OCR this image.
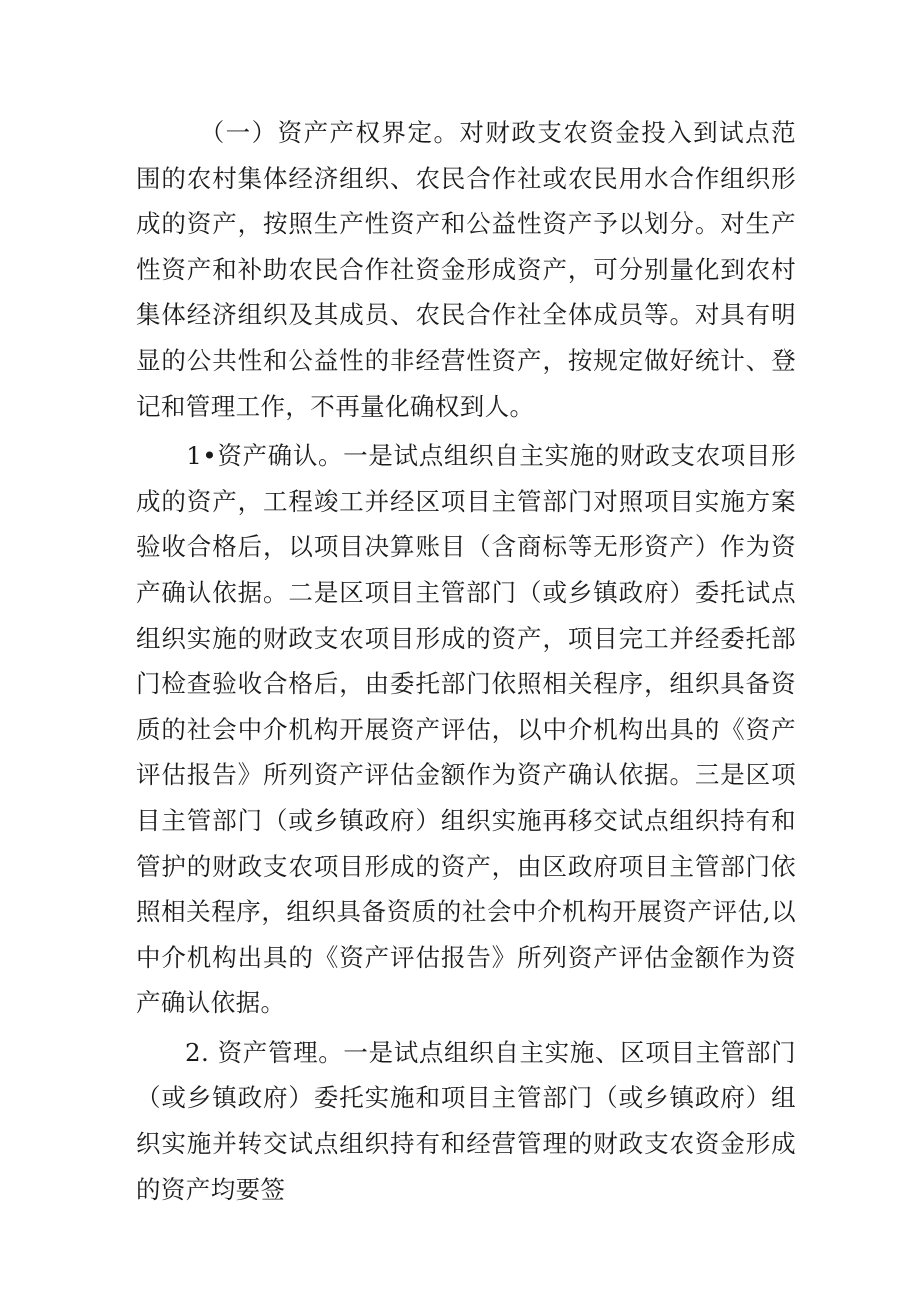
（一）资产产权界定。对财政支农资金投入到试点范围的农村集体经济组织、农民合作社或农民用水合作组织形成的资产，按照生产性资产和公益性资产予以划分。对生产性资产和补助农民合作社资金形成资产，可分别量化到农村集体经济组织及其成员、农民合作社全体成员等。对具有明显的公共性和公益性的非经营性资产，按规定做好统计、登记和管理工作，不再量化确权到人。

1•资产确认。一是试点组织自主实施的财政支农项目形成的资产，工程竣工并经区项目主管部门对照项目实施方案验收合格后，以项目决算账目（含商标等无形资产）作为资产确认依据。二是区项目主管部门（或乡镇政府）委托试点组织实施的财政支农项目形成的资产，项目完工并经委托部门检查验收合格后，由委托部门依照相关程序，组织具备资质的社会中介机构开展资产评估，以中介机构出具的《资产评估报告》所列资产评估金额作为资产确认依据。三是区项目主管部门（或乡镇政府）组织实施再移交试点组织持有和管护的财政支农项目形成的资产，由区政府项目主管部门依照相关程序，组织具备资质的社会中介机构开展资产评估,以中介机构出具的《资产评估报告》所列资产评估金额作为资产确认依据。

2. 资产管理。一是试点组织自主实施、区项目主管部门（或乡镇政府）委托实施和项目主管部门（或乡镇政府）组织实施并转交试点组织持有和经营管理的财政支农资金形成的资产均要签
